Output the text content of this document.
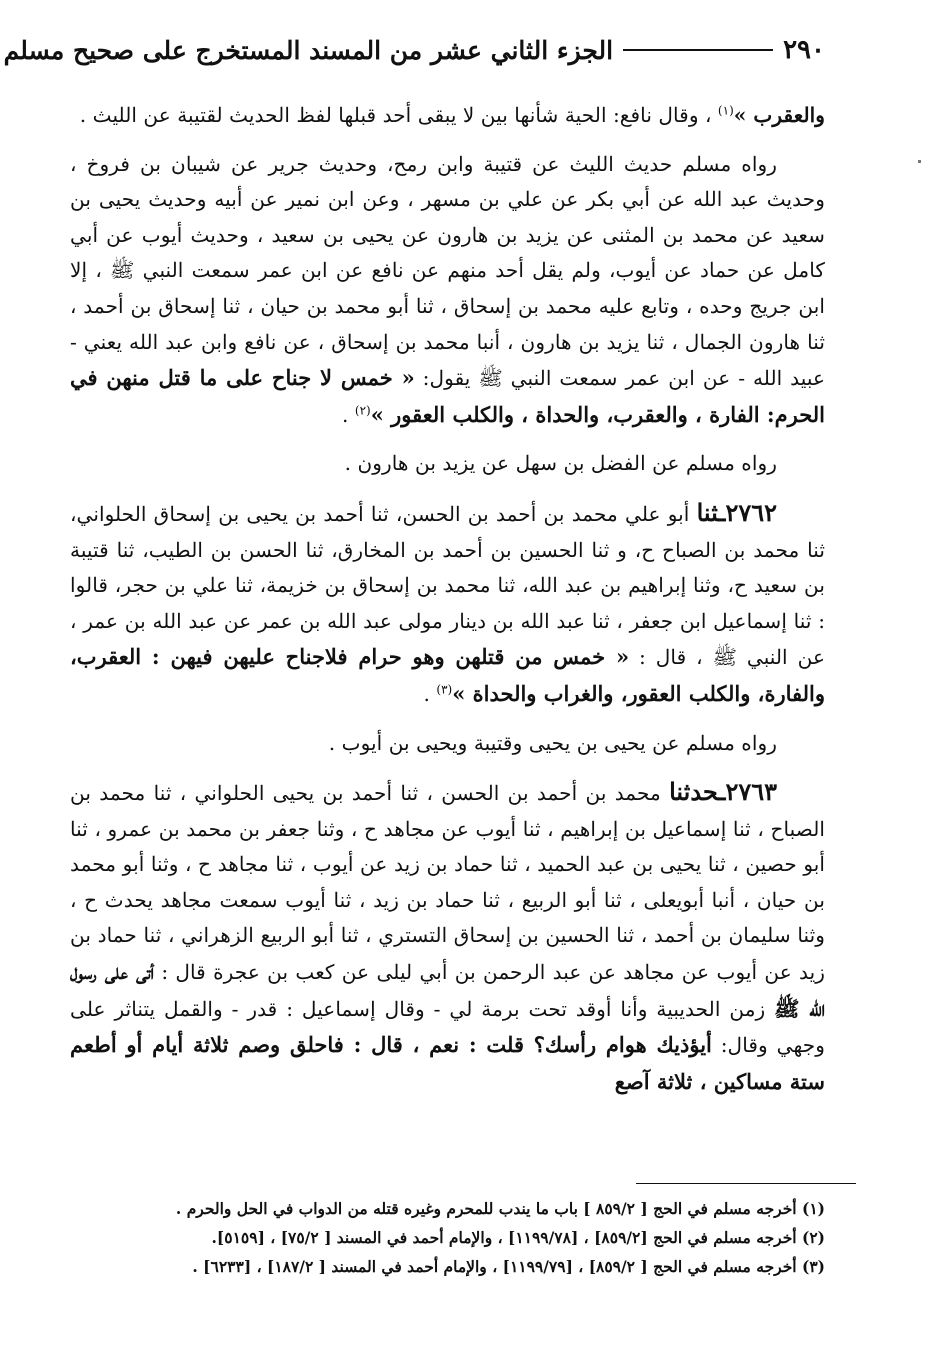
٢٩٠
الجزء الثاني عشر من المسند المستخرج على صحيح مسلم

والعقرب »$^{(١)}$ ، وقال نافع: الحية شأنها بين لا يبقى أحد قبلها لفظ الحديث لقتيبة عن الليث .

رواه مسلم حديث الليث عن قتيبة وابن رمح، وحديث جرير عن شيبان بن فروخ ، وحديث عبد الله عن أبي بكر عن علي بن مسهر ، وعن ابن نمير عن أبيه وحديث يحيى بن سعيد عن محمد بن المثنى عن يزيد بن هارون عن يحيى بن سعيد ، وحديث أيوب عن أبي كامل عن حماد عن أيوب، ولم يقل أحد منهم عن نافع عن ابن عمر سمعت النبي ﷺ ، إلا ابن جريج وحده ، وتابع عليه محمد بن إسحاق ، ثنا أبو محمد بن حيان ، ثنا إسحاق بن أحمد ، ثنا هارون الجمال ، ثنا يزيد بن هارون ، أنبا محمد بن إسحاق ، عن نافع وابن عبد الله يعني - عبيد الله - عن ابن عمر سمعت النبي ﷺ يقول: « خمس لا جناح على ما قتل منهن في الحرم: الفارة ، والعقرب، والحداة ، والكلب العقور »$^{(٢)}$ .

رواه مسلم عن الفضل بن سهل عن يزيد بن هارون .

٢٧٦٢ـثنا أبو علي محمد بن أحمد بن الحسن، ثنا أحمد بن يحيى بن إسحاق الحلواني، ثنا محمد بن الصباح ح، و ثنا الحسين بن أحمد بن المخارق، ثنا الحسن بن الطيب، ثنا قتيبة بن سعيد ح، وثنا إبراهيم بن عبد الله، ثنا محمد بن إسحاق بن خزيمة، ثنا علي بن حجر، قالوا : ثنا إسماعيل ابن جعفر ، ثنا عبد الله بن دينار مولى عبد الله بن عمر عن عبد الله بن عمر ، عن النبي ﷺ ، قال : « خمس من قتلهن وهو حرام فلاجناح عليهن فيهن : العقرب، والفارة، والكلب العقور، والغراب والحداة »$^{(٣)}$ .

رواه مسلم عن يحيى بن يحيى وقتيبة ويحيى بن أيوب .

٢٧٦٣ـحدثنا محمد بن أحمد بن الحسن ، ثنا أحمد بن يحيى الحلواني ، ثنا محمد بن الصباح ، ثنا إسماعيل بن إبراهيم ، ثنا أيوب عن مجاهد ح ، وثنا جعفر بن محمد بن عمرو ، ثنا أبو حصين ، ثنا يحيى بن عبد الحميد ، ثنا حماد بن زيد عن أيوب ، ثنا مجاهد ح ، وثنا أبو محمد بن حيان ، أنبا أبويعلى ، ثنا أبو الربيع ، ثنا حماد بن زيد ، ثنا أيوب سمعت مجاهد يحدث ح ، وثنا سليمان بن أحمد ، ثنا الحسين بن إسحاق التستري ، ثنا أبو الربيع الزهراني ، ثنا حماد بن زيد عن أيوب عن مجاهد عن عبد الرحمن بن أبي ليلى عن كعب بن عجرة قال : أتى على رسول الله ﷺ زمن الحديبية وأنا أوقد تحت برمة لي - وقال إسماعيل : قدر - والقمل يتناثر على وجهي وقال: أيؤذيك هوام رأسك؟ قلت : نعم ، قال : فاحلق وصم ثلاثة أيام أو أطعم ستة مساكين ، ثلاثة آصع

(١) أخرجه مسلم في الحج [ ٨٥٩/٢ ] باب ما يندب للمحرم وغيره قتله من الدواب في الحل والحرم .
(٢) أخرجه مسلم في الحج [٨٥٩/٢] ، [١١٩٩/٧٨] ، والإمام أحمد في المسند [ ٧٥/٢] ، [٥١٥٩].
(٣) أخرجه مسلم في الحج [ ٨٥٩/٢] ، [١١٩٩/٧٩] ، والإمام أحمد في المسند [ ١٨٧/٢] ، [٦٢٣٣] .
